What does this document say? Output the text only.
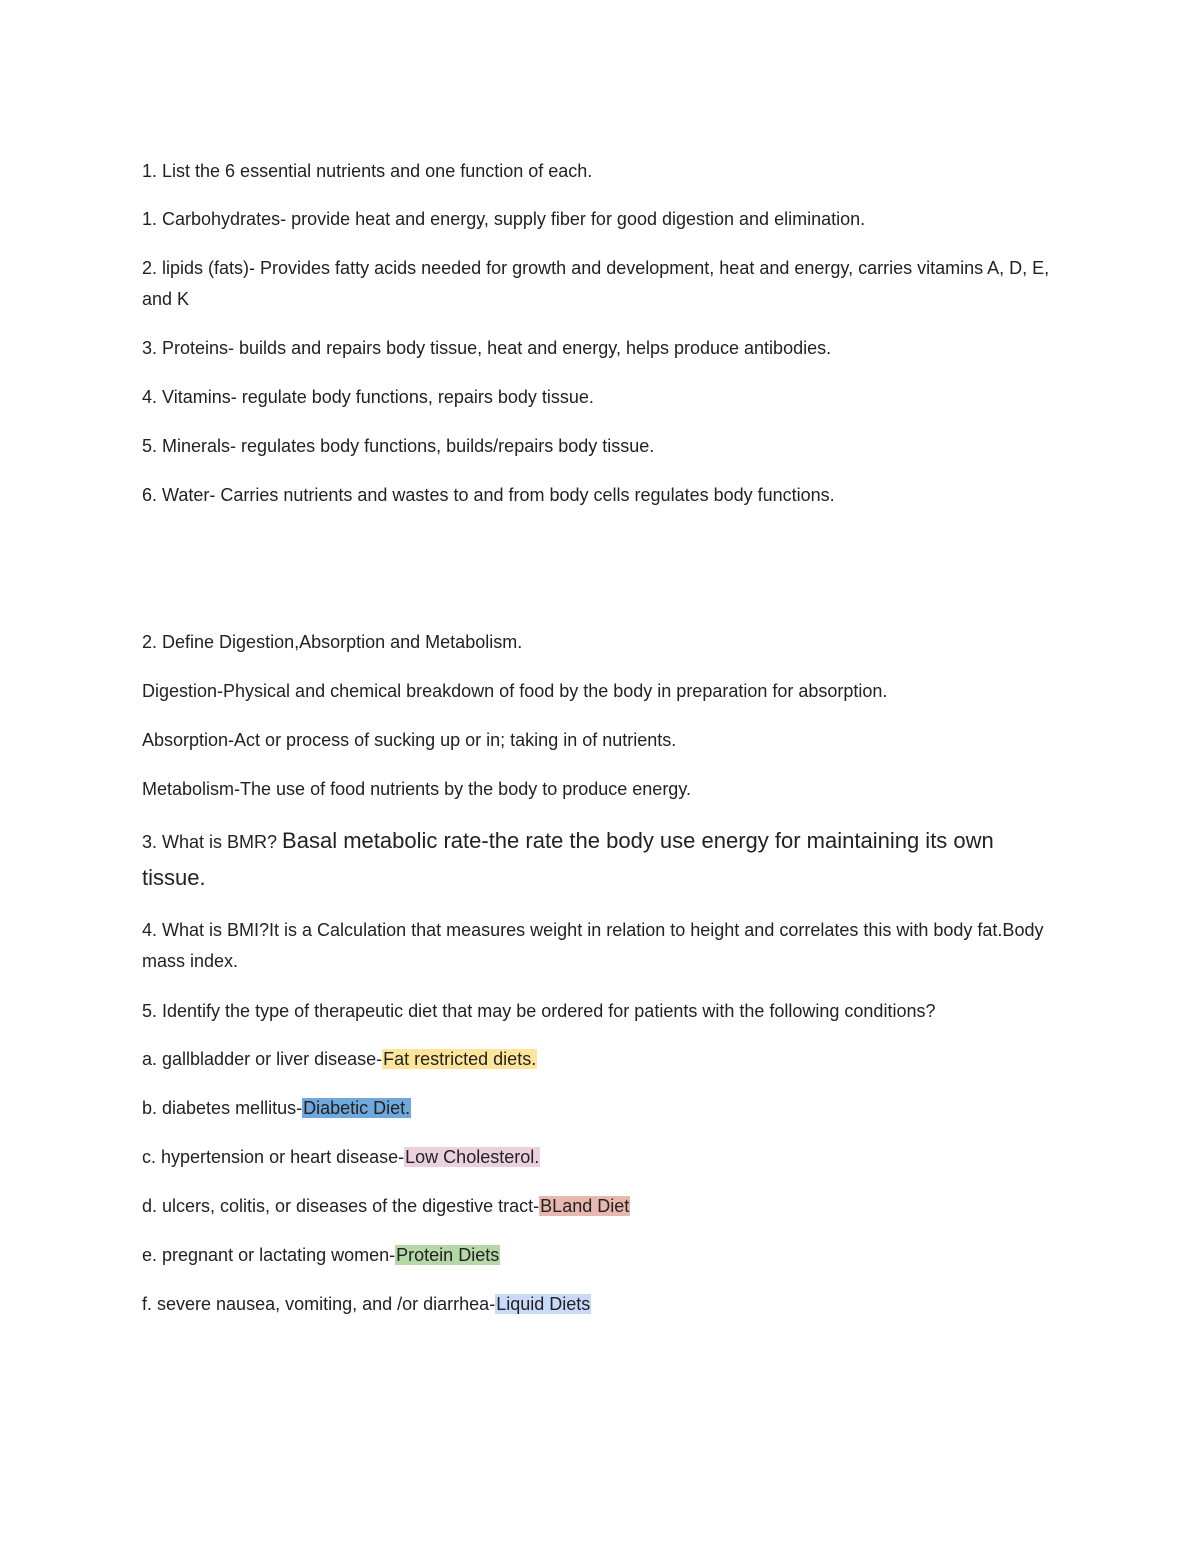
1. List the 6 essential nutrients and one function of each.

1. Carbohydrates- provide heat and energy, supply fiber for good digestion and elimination.

2. lipids (fats)- Provides fatty acids needed for growth and development, heat and energy, carries vitamins A, D, E, and K

3. Proteins- builds and repairs body tissue, heat and energy, helps produce antibodies.

4. Vitamins- regulate body functions, repairs body tissue.

5. Minerals- regulates body functions, builds/repairs body tissue.

6. Water- Carries nutrients and wastes to and from body cells regulates body functions.

2. Define Digestion,Absorption and Metabolism.

Digestion-Physical and chemical breakdown of food by the body in preparation for absorption.

Absorption-Act or process of sucking up or in; taking in of nutrients.

Metabolism-The use of food nutrients by the body to produce energy.

3. What is BMR? Basal metabolic rate-the rate the body use energy for maintaining its own tissue.

4. What is BMI?It is a Calculation that measures weight in relation to height and correlates this with body fat.Body mass index.

5. Identify the type of therapeutic diet that may be ordered for patients with the following conditions?

a. gallbladder or liver disease-Fat restricted diets.

b. diabetes mellitus-Diabetic Diet.

c. hypertension or heart disease-Low Cholesterol.

d. ulcers, colitis, or diseases of the digestive tract-BLand Diet

e. pregnant or lactating women-Protein Diets

f. severe nausea, vomiting, and /or diarrhea-Liquid Diets
